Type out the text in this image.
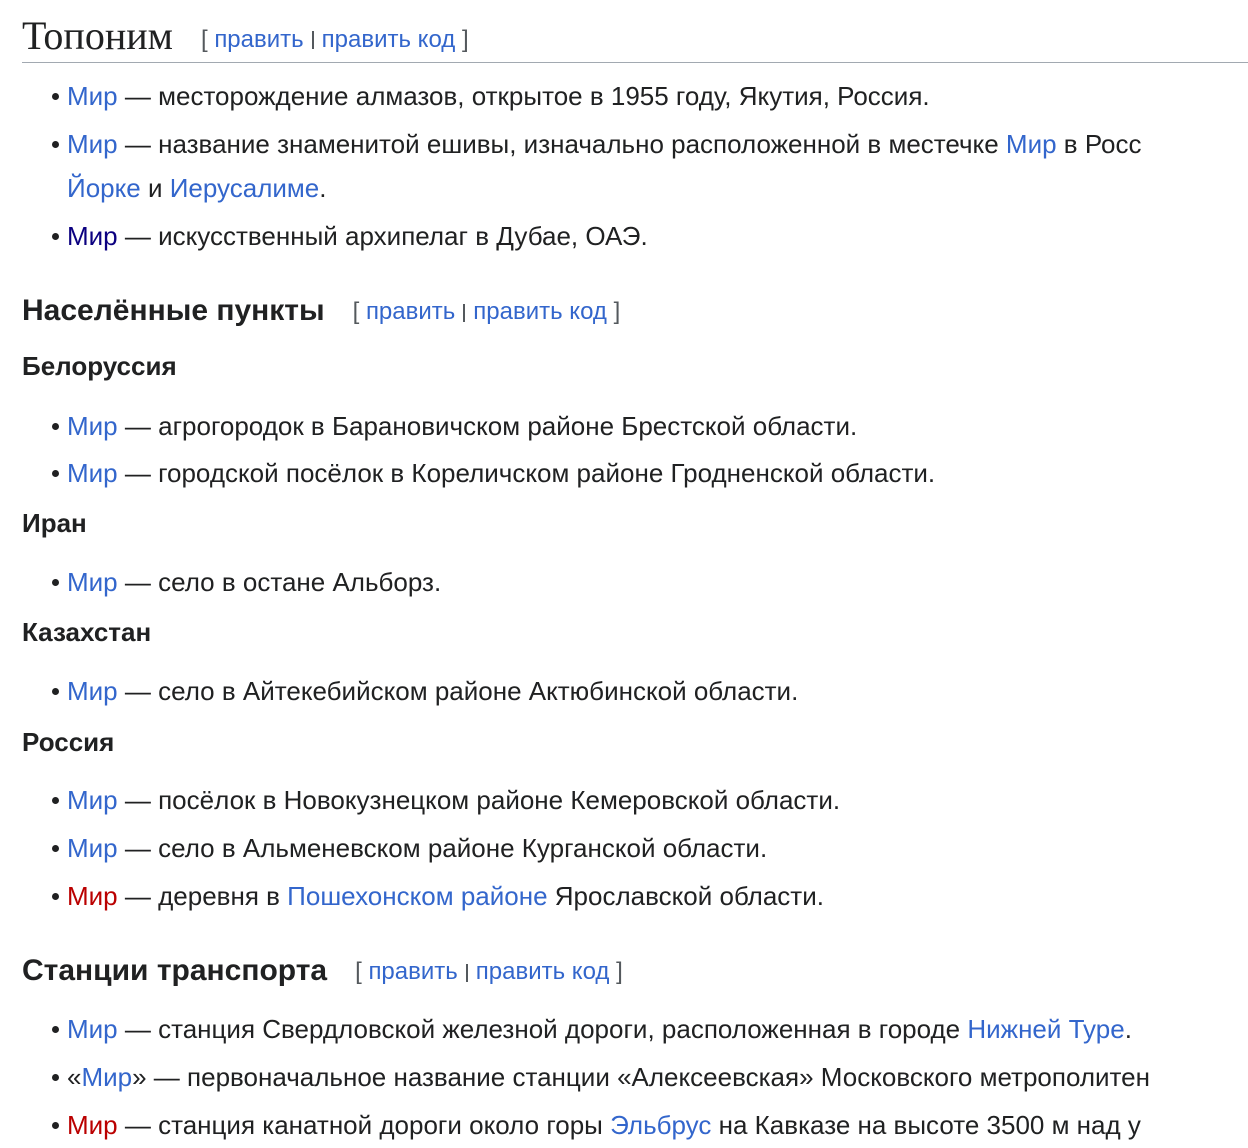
Топоним [ править править код ]
Мир — месторождение алмазов, открытое в 1955 году, Якутия, Россия.
Мир — название знаменитой ешивы, изначально расположенной в местечке Мир в Росс
Йорке и Иерусалиме.
Мир — искусственный архипелаг в Дубае, ОАЭ.
Населённые пункты [ править править код ]
Белоруссия
Мир — агрогородок в Барановичском районе Брестской области.
Мир — городской посёлок в Кореличском районе Гродненской области.
Иран
Мир — село в остане Альборз.
Казахстан
Мир — село в Айтекебийском районе Актюбинской области.
Россия
Мир — посёлок в Новокузнецком районе Кемеровской области.
Мир — село в Альменевском районе Курганской области.
Мир — деревня в Пошехонском районе Ярославской области.
Станции транспорта [ править править код ]
Мир — станция Свердловской железной дороги, расположенная в городе Нижней Туре.
«Мир» — первоначальное название станции «Алексеевская» Московского метрополитен
Мир — станция канатной дороги около горы Эльбрус на Кавказе на высоте 3500 м над у
